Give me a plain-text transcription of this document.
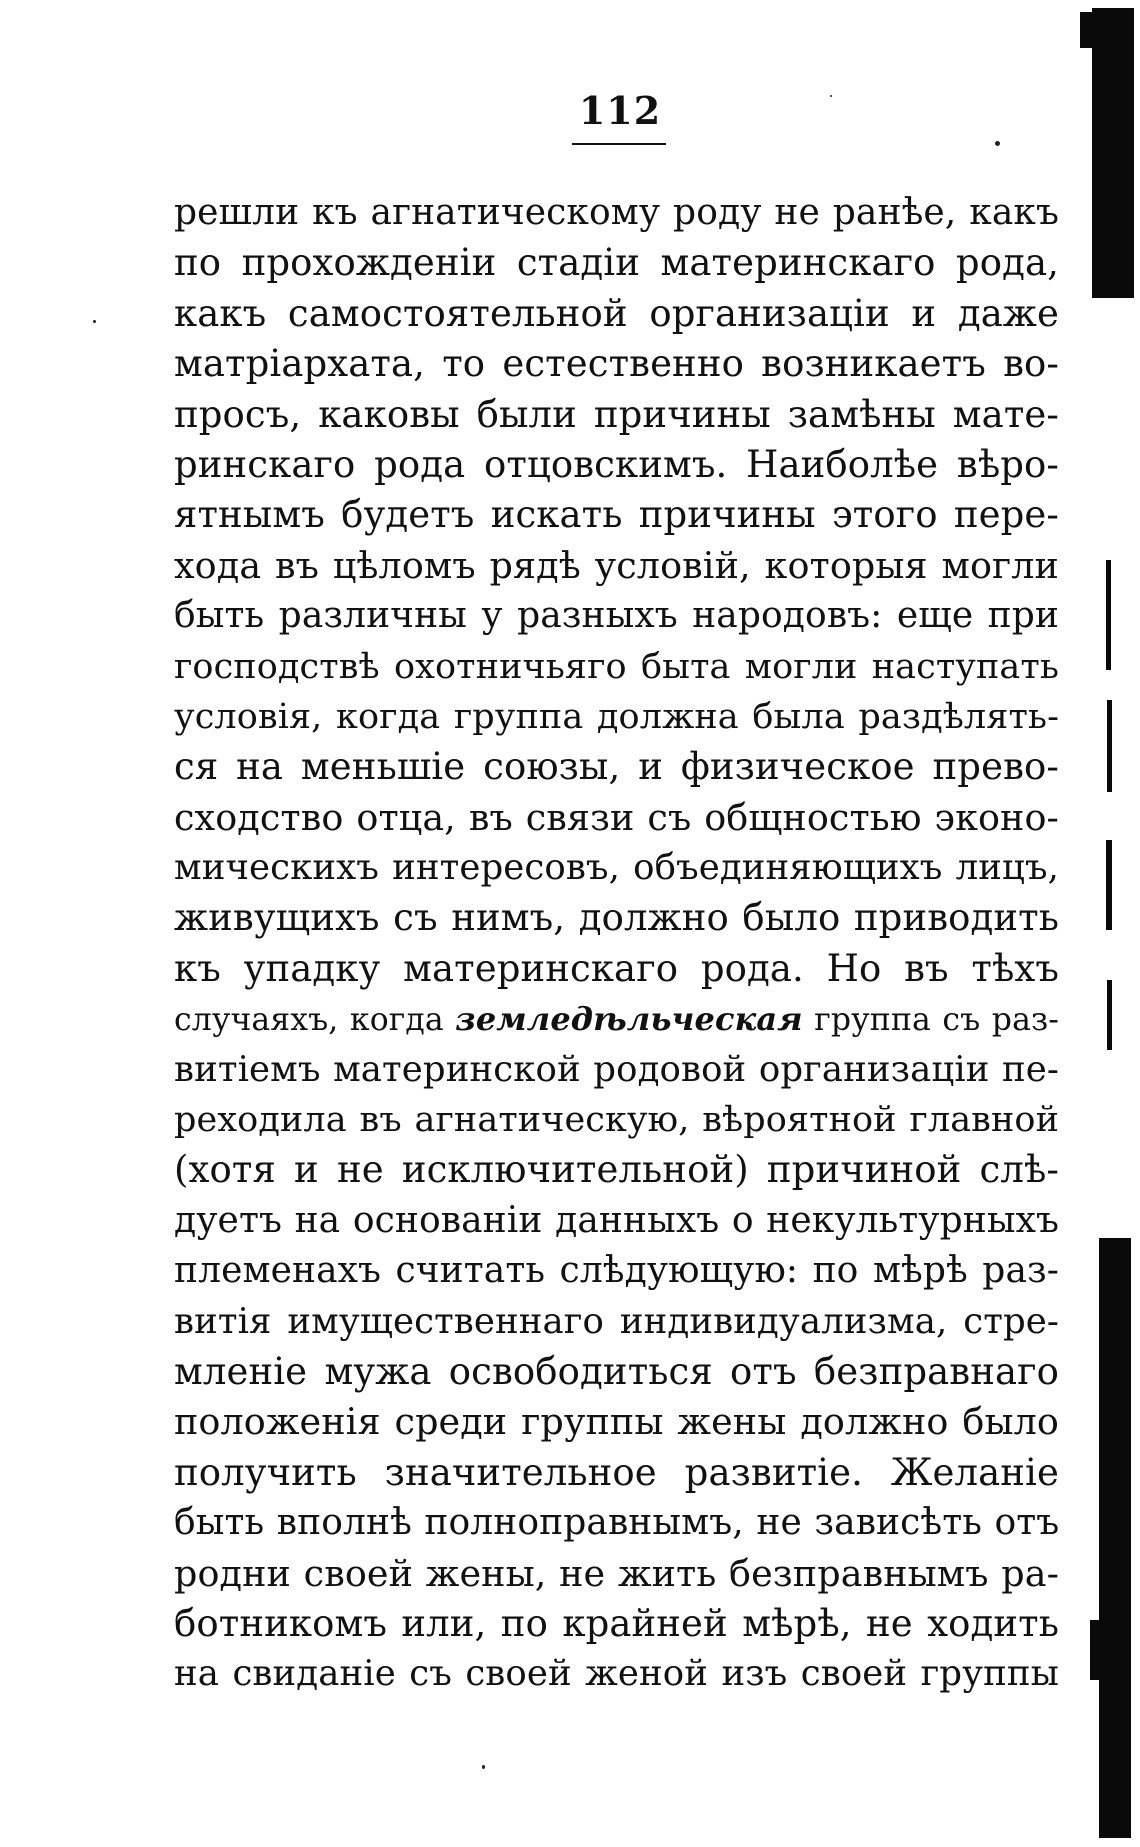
112
решли къ агнатическому роду не ранѣе, какъ
по прохожденіи стадіи материнскаго рода,
какъ самостоятельной организаціи и даже
матріархата, то естественно возникаетъ во-
просъ, каковы были причины замѣны мате-
ринскаго рода отцовскимъ. Наиболѣе вѣро-
ятнымъ будетъ искать причины этого пере-
хода въ цѣломъ рядѣ условій, которыя могли
быть различны у разныхъ народовъ: еще при
господствѣ охотничьяго быта могли наступать
условія, когда группа должна была раздѣлять-
ся на меньшіе союзы, и физическое прево-
сходство отца, въ связи съ общностью эконо-
мическихъ интересовъ, объединяющихъ лицъ,
живущихъ съ нимъ, должно было приводить
къ упадку материнскаго рода. Но въ тѣхъ
случаяхъ, когда земледѣльческая группа съ раз-
витіемъ материнской родовой организаціи пе-
реходила въ агнатическую, вѣроятной главной
(хотя и не исключительной) причиной слѣ-
дуетъ на основаніи данныхъ о некультурныхъ
племенахъ считать слѣдующую: по мѣрѣ раз-
витія имущественнаго индивидуализма, стре-
мленіе мужа освободиться отъ безправнаго
положенія среди группы жены должно было
получить значительное развитіе. Желаніе
быть вполнѣ полноправнымъ, не зависѣть отъ
родни своей жены, не жить безправнымъ ра-
ботникомъ или, по крайней мѣрѣ, не ходить
на свиданіе съ своей женой изъ своей группы
